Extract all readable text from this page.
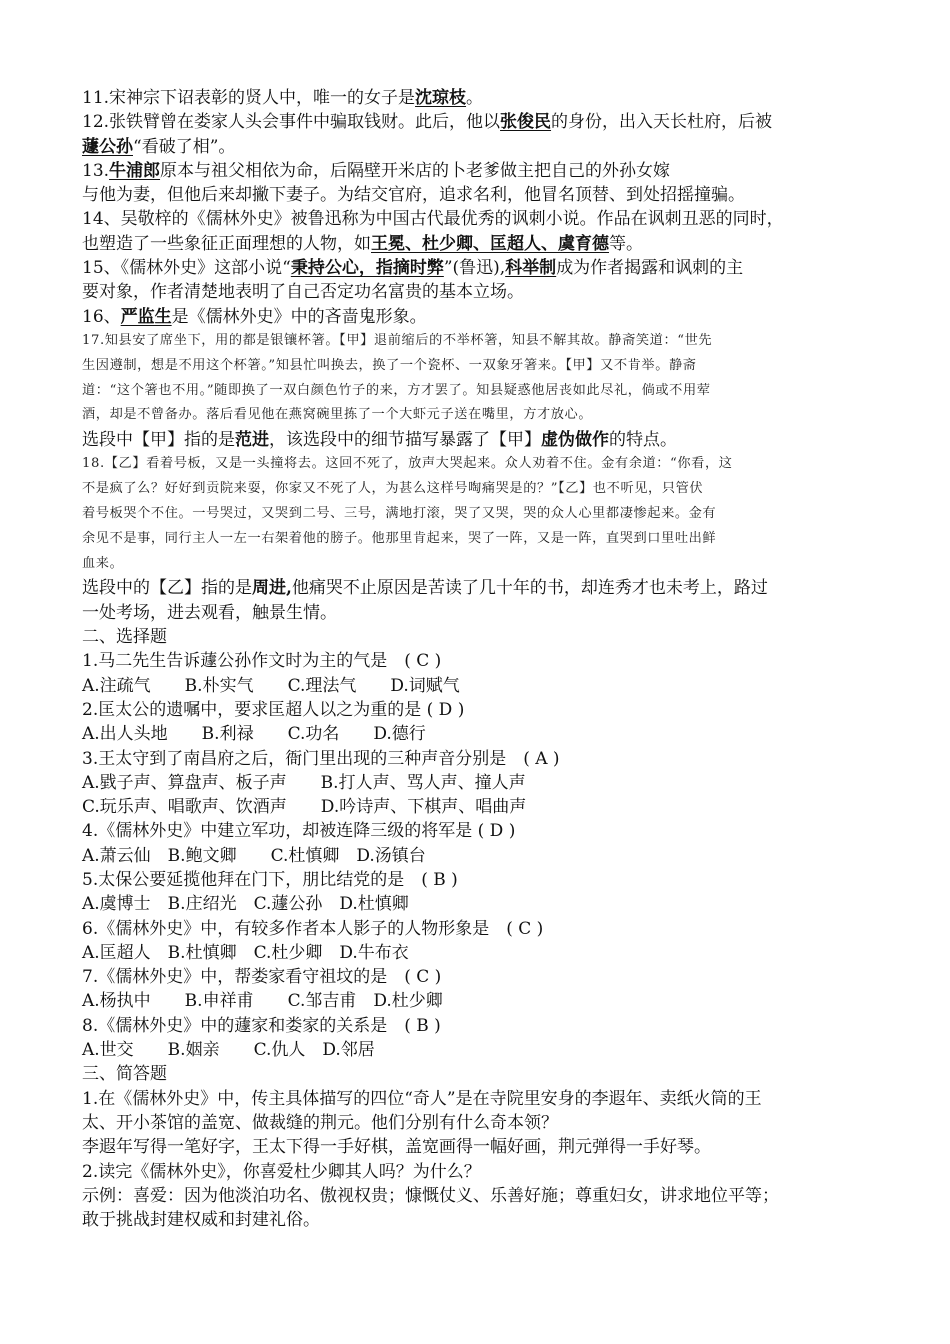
11.宋神宗下诏表彰的贤人中，唯一的女子是沈琼枝。

12.张铁臂曾在娄家人头会事件中骗取钱财。此后，他以张俊民的身份，出入天长杜府，后被

蘧公孙“看破了相”。

13.牛浦郎原本与祖父相依为命，后隔壁开米店的卜老爹做主把自己的外孙女嫁

与他为妻，但他后来却撇下妻子。为结交官府，追求名利，他冒名顶替、到处招摇撞骗。

14、吴敬梓的《儒林外史》被鲁迅称为中国古代最优秀的讽刺小说。作品在讽刺丑恶的同时，

也塑造了一些象征正面理想的人物，如王冕、杜少卿、匡超人、虞育德等。

15、《儒林外史》这部小说“秉持公心，指摘时弊”(鲁迅),科举制成为作者揭露和讽刺的主

要对象，作者清楚地表明了自己否定功名富贵的基本立场。

16、严监生是《儒林外史》中的吝啬鬼形象。

17.知县安了席坐下，用的都是银镶杯箸。【甲】退前缩后的不举杯箸，知县不解其故。静斋笑道：“世先

生因遵制，想是不用这个杯箸。”知县忙叫换去，换了一个瓷杯、一双象牙箸来。【甲】又不肯举。静斋

道：“这个箸也不用。”随即换了一双白颜色竹子的来，方才罢了。知县疑惑他居丧如此尽礼，倘或不用荤

酒，却是不曾备办。落后看见他在燕窝碗里拣了一个大虾元子送在嘴里，方才放心。

选段中【甲】指的是范进，该选段中的细节描写暴露了【甲】虚伪做作的特点。

18.【乙】看着号板，又是一头撞将去。这回不死了，放声大哭起来。众人劝着不住。金有余道：“你看，这

不是疯了么？好好到贡院来耍，你家又不死了人，为甚么这样号啕痛哭是的？”【乙】也不听见，只管伏

着号板哭个不住。一号哭过，又哭到二号、三号，满地打滚，哭了又哭，哭的众人心里都凄惨起来。金有

余见不是事，同行主人一左一右架着他的膀子。他那里肯起来，哭了一阵，又是一阵，直哭到口里吐出鲜

血来。

选段中的【乙】指的是周进,他痛哭不止原因是苦读了几十年的书，却连秀才也未考上，路过

一处考场，进去观看，触景生情。

二、选择题

1.马二先生告诉蘧公孙作文时为主的气是　( C )

A.注疏气　　B.朴实气　　C.理法气　　D.词赋气

2.匡太公的遗嘱中，要求匡超人以之为重的是 ( D )

A.出人头地　　B.利禄　　C.功名　　D.德行

3.王太守到了南昌府之后，衙门里出现的三种声音分别是　( A )

A.戥子声、算盘声、板子声　　B.打人声、骂人声、撞人声

C.玩乐声、唱歌声、饮酒声　　D.吟诗声、下棋声、唱曲声

4.《儒林外史》中建立军功，却被连降三级的将军是 ( D )

A.萧云仙　B.鲍文卿　　C.杜慎卿　D.汤镇台

5.太保公要延揽他拜在门下，朋比结党的是　( B )

A.虞博士　B.庄绍光　C.蘧公孙　D.杜慎卿

6.《儒林外史》中，有较多作者本人影子的人物形象是　( C )

A.匡超人　B.杜慎卿　C.杜少卿　D.牛布衣

7.《儒林外史》中，帮娄家看守祖坟的是　( C )

A.杨执中　　B.申祥甫　　C.邹吉甫　D.杜少卿

8.《儒林外史》中的蘧家和娄家的关系是　( B )

A.世交　　B.姻亲　　C.仇人　D.邻居

三、简答题

1.在《儒林外史》中，传主具体描写的四位“奇人”是在寺院里安身的李遐年、卖纸火筒的王

太、开小茶馆的盖宽、做裁缝的荆元。他们分别有什么奇本领？

李遐年写得一笔好字，王太下得一手好棋，盖宽画得一幅好画，荆元弹得一手好琴。

2.读完《儒林外史》，你喜爱杜少卿其人吗？为什么？

示例：喜爱：因为他淡泊功名、傲视权贵；慷慨仗义、乐善好施；尊重妇女，讲求地位平等；

敢于挑战封建权威和封建礼俗。
